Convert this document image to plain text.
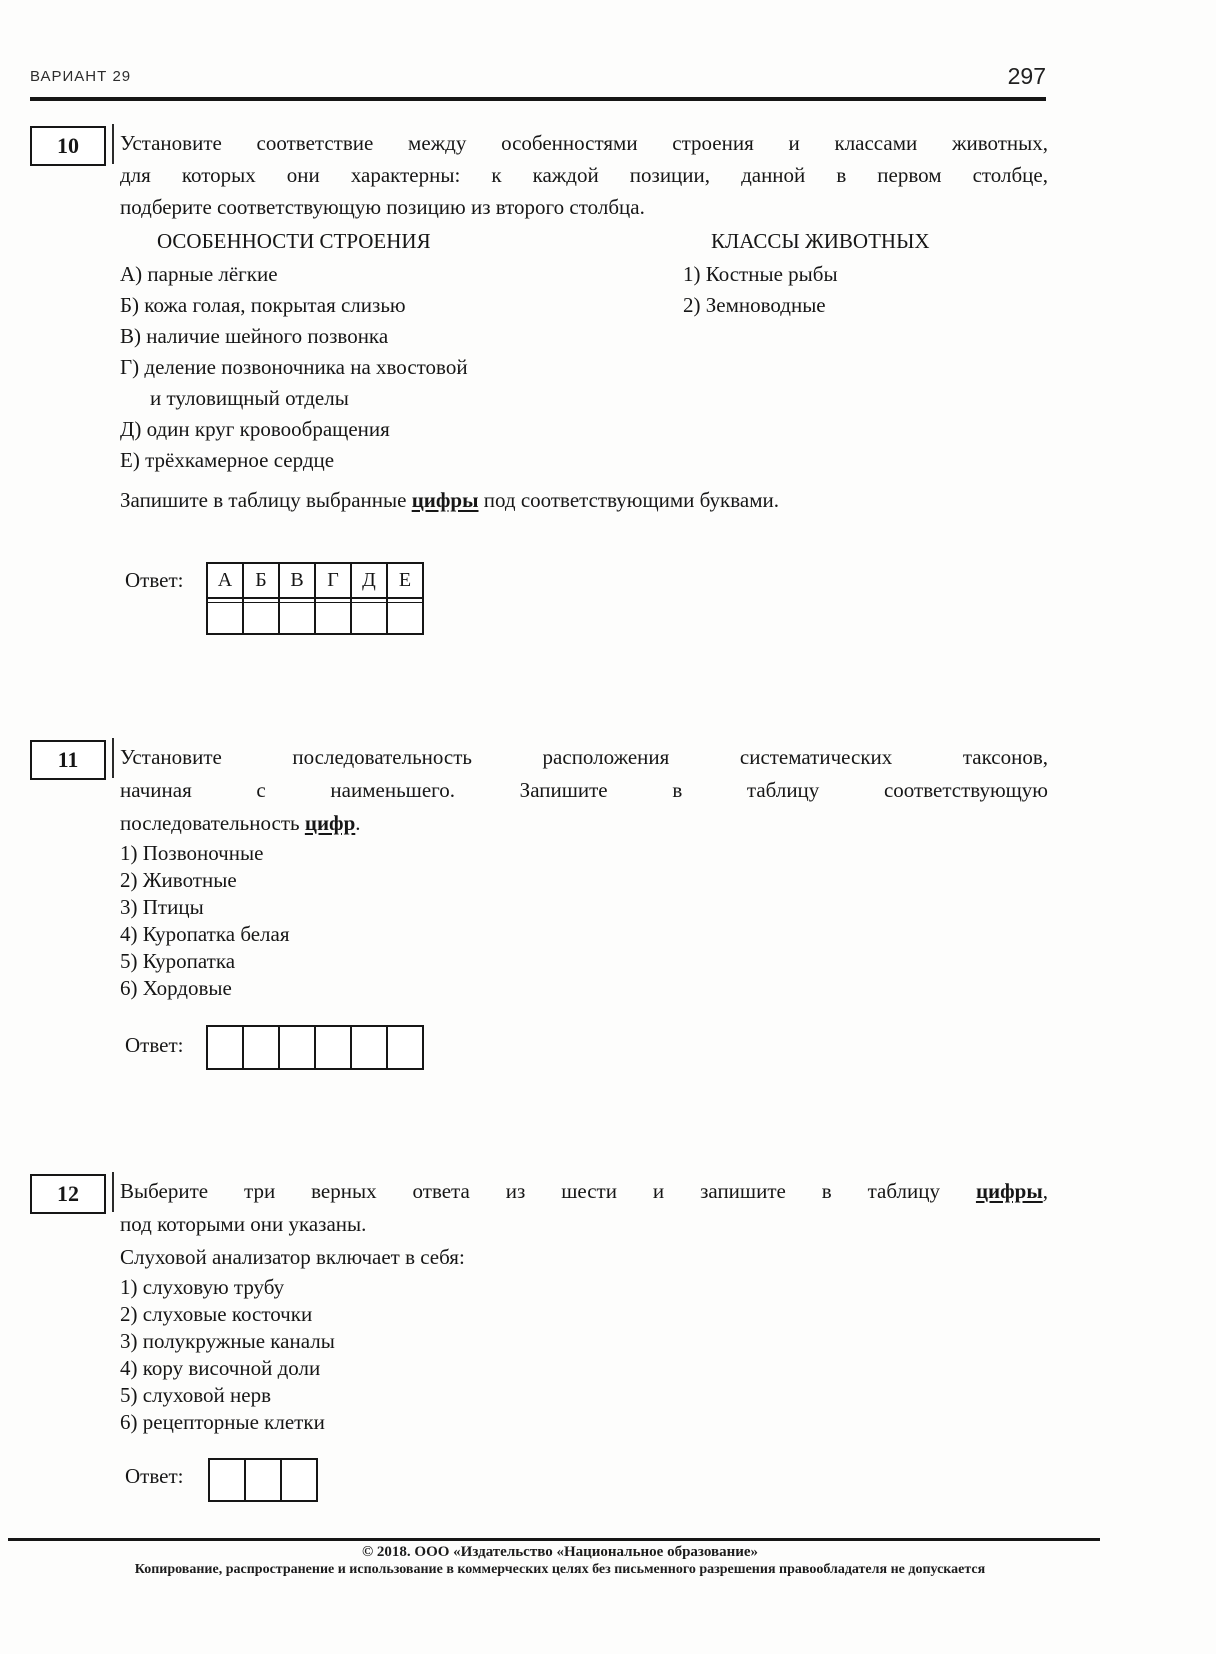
ВАРИАНТ 29	297
10 Установите соответствие между особенностями строения и классами животных,
для которых они характерны: к каждой позиции, данной в первом столбце,
подберите соответствующую позицию из второго столбца.
ОСОБЕННОСТИ СТРОЕНИЯ	КЛАССЫ ЖИВОТНЫХ
А) парные лёгкие
Б) кожа голая, покрытая слизью
В) наличие шейного позвонка
Г) деление позвоночника на хвостовой
и туловищный отделы
Д) один круг кровообращения
Е) трёхкамерное сердце
1) Костные рыбы
2) Земноводные
Запишите в таблицу выбранные цифры под соответствующими буквами.
Ответ:	А	Б	В	Г	Д	Е
11 Установите последовательность расположения систематических таксонов,
начиная с наименьшего. Запишите в таблицу соответствующую
последовательность цифр.
1) Позвоночные
2) Животные
3) Птицы
4) Куропатка белая
5) Куропатка
6) Хордовые
Ответ:
12 Выберите три верных ответа из шести и запишите в таблицу цифры,
под которыми они указаны.
Слуховой анализатор включает в себя:
1) слуховую трубу
2) слуховые косточки
3) полукружные каналы
4) кору височной доли
5) слуховой нерв
6) рецепторные клетки
Ответ:
© 2018. ООО «Издательство «Национальное образование»
Копирование, распространение и использование в коммерческих целях без письменного разрешения правообладателя не допускается
